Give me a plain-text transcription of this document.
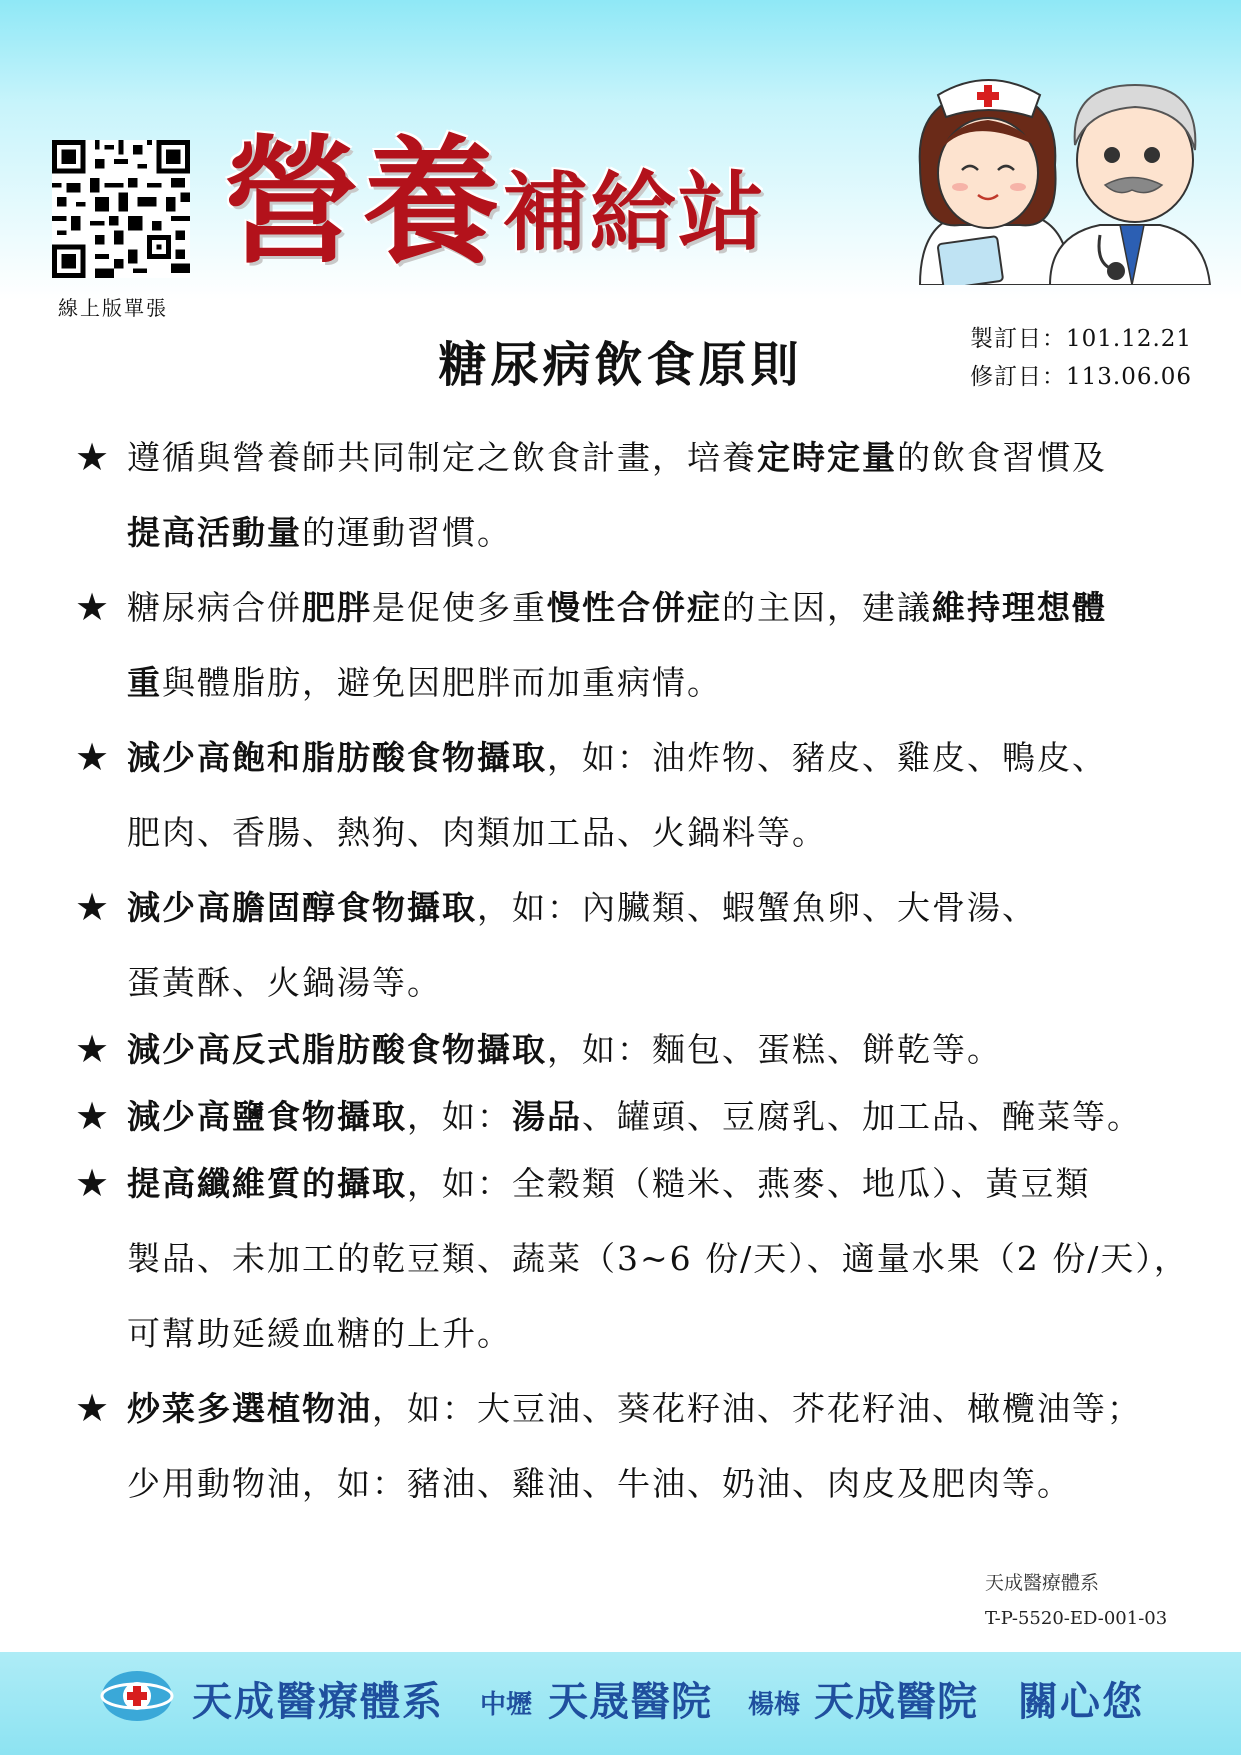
線上版單張
營養補給站
糖尿病飲食原則	製訂日：101.12.21
修訂日：113.06.06
★ 遵循與營養師共同制定之飲食計畫，培養定時定量的飲食習慣及
提高活動量的運動習慣。
★ 糖尿病合併肥胖是促使多重慢性合併症的主因，建議維持理想體
重與體脂肪，避免因肥胖而加重病情。
★ 減少高飽和脂肪酸食物攝取，如：油炸物、豬皮、雞皮、鴨皮、
肥肉、香腸、熱狗、肉類加工品、火鍋料等。
★ 減少高膽固醇食物攝取，如：內臟類、蝦蟹魚卵、大骨湯、
蛋黃酥、火鍋湯等。
★ 減少高反式脂肪酸食物攝取，如：麵包、蛋糕、餅乾等。
★ 減少高鹽食物攝取，如：湯品、罐頭、豆腐乳、加工品、醃菜等。
★ 提高纖維質的攝取，如：全穀類（糙米、燕麥、地瓜）、黃豆類
製品、未加工的乾豆類、蔬菜（3~6 份/天）、適量水果（2 份/天），
可幫助延緩血糖的上升。
★ 炒菜多選植物油，如：大豆油、葵花籽油、芥花籽油、橄欖油等；
少用動物油，如：豬油、雞油、牛油、奶油、肉皮及肥肉等。
天成醫療體系
T-P-5520-ED-001-03
天成醫療體系 中壢 天晟醫院 楊梅 天成醫院 關心您
